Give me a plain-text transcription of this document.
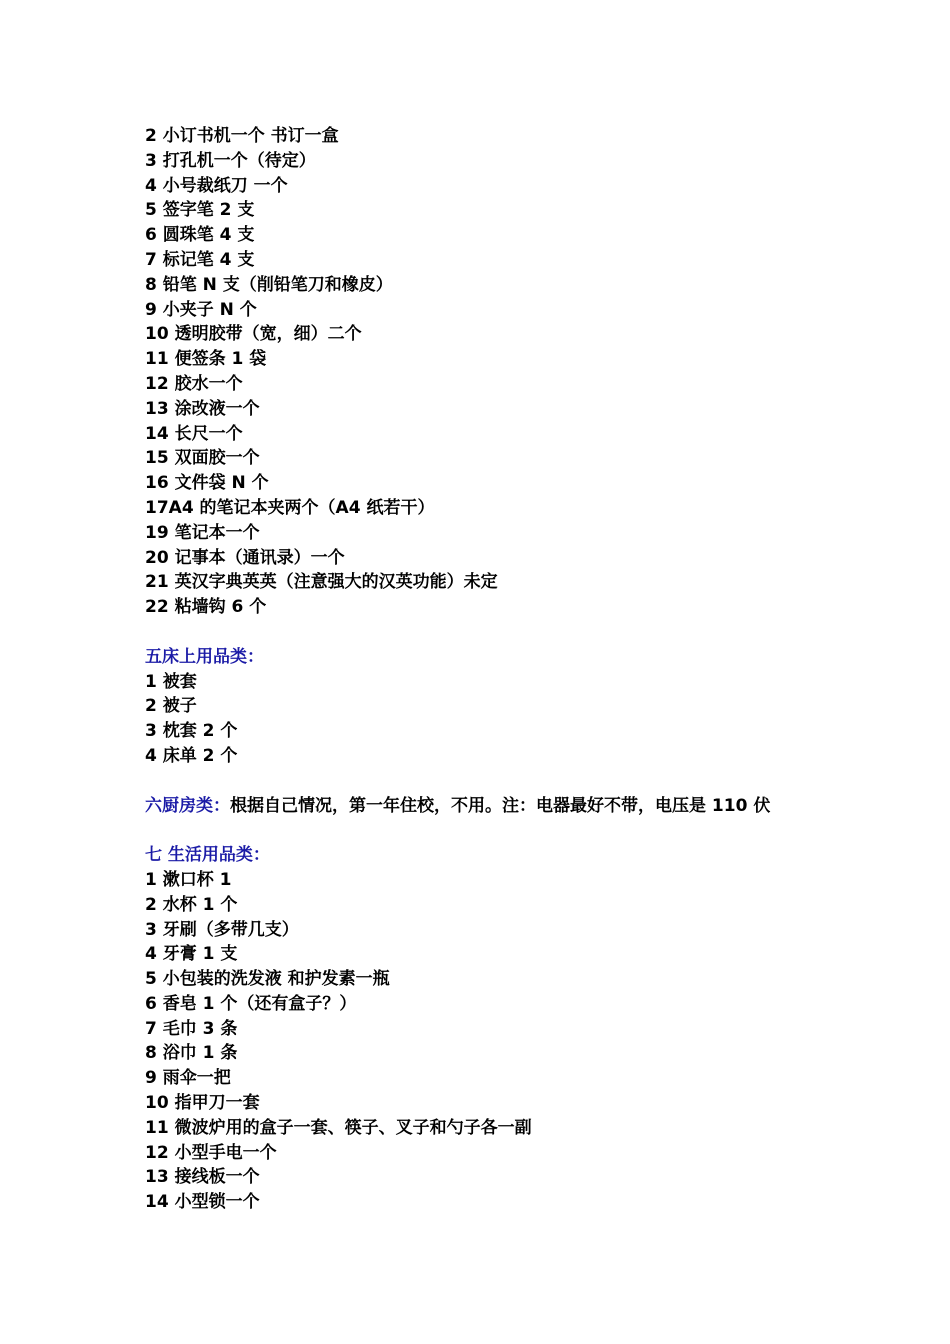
2 小订书机一个 书订一盒
3 打孔机一个（待定）
4 小号裁纸刀 一个
5 签字笔 2 支
6 圆珠笔 4 支
7 标记笔 4 支
8 铅笔 N 支（削铅笔刀和橡皮）
9 小夹子 N 个
10 透明胶带（宽，细）二个
11 便签条 1 袋
12 胶水一个
13 涂改液一个
14 长尺一个
15 双面胶一个
16 文件袋 N 个
17A4 的笔记本夹两个（A4 纸若干）
19 笔记本一个
20 记事本（通讯录）一个
21 英汉字典英英（注意强大的汉英功能）未定
22 粘墙钩 6 个
五床上用品类：
1 被套
2 被子
3 枕套 2 个
4 床单 2 个
六厨房类：根据自己情况，第一年住校，不用。注：电器最好不带，电压是 110 伏
七 生活用品类：
1 漱口杯 1
2 水杯 1 个
3 牙刷（多带几支）
4 牙膏 1 支
5 小包装的洗发液 和护发素一瓶
6 香皂 1 个（还有盒子？）
7 毛巾 3 条
8 浴巾 1 条
9 雨伞一把
10 指甲刀一套
11 微波炉用的盒子一套、筷子、叉子和勺子各一副
12 小型手电一个
13 接线板一个
14 小型锁一个
